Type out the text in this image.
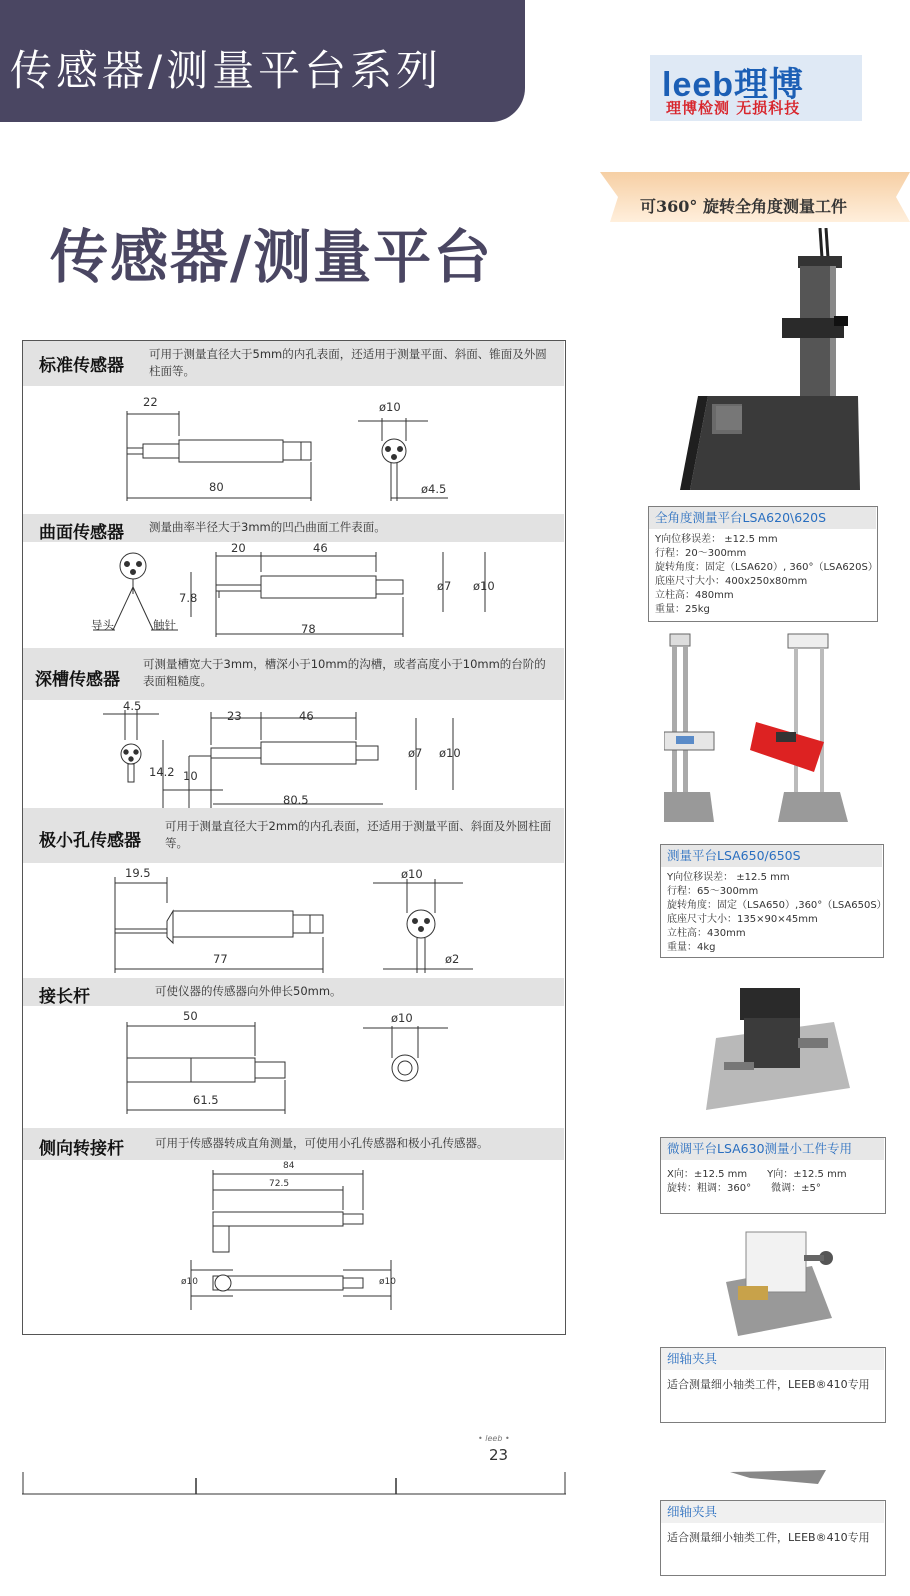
传感器/测量平台系列	leeb理博
理博检测 无损科技
传感器/测量平台
标准传感器
可用于测量直径大于5mm的内孔表面，还适用于测量平面、斜面、锥面及外圆柱面等。
22
80
ø10
ø4.5
曲面传感器 测量曲率半径大于3mm的凹凸曲面工件表面。
20	46
7.8
78
ø7 ø10
导头	触针
深槽传感器
可测量槽宽大于3mm，槽深小于10mm的沟槽，或者高度小于10mm的台阶的表面粗糙度。
4.5
23	46
14.2 10
80.5
ø7 ø10
极小孔传感器
可用于测量直径大于2mm的内孔表面，还适用于测量平面、斜面及外圆柱面等。
19.5
77
ø10
ø2
接长杆	可使仪器的传感器向外伸长50mm。
50
61.5
ø10
侧向转接杆	可用于传感器转成直角测量，可使用小孔传感器和极小孔传感器。
84
72.5
ø10	ø10
• leeb •
23
可360° 旋转全角度测量工件
全角度测量平台LSA620\620S
Y向位移误差： ±12.5 mm
行程：20～300mm
旋转角度：固定（LSA620）, 360°（LSA620S）
底座尺寸大小：400x250x80mm
立柱高：480mm
重量：25kg
测量平台LSA650/650S
Y向位移误差： ±12.5 mm
行程：65～300mm
旋转角度：固定（LSA650）,360°（LSA650S）
底座尺寸大小：135×90×45mm
立柱高：430mm
重量：4kg
微调平台LSA630测量小工件专用
X向：±12.5 mm　　Y向：±12.5 mm
旋转：粗调：360°　　微调：±5°
细轴夹具
适合测量细小轴类工件，LEEB®410专用
细轴夹具
适合测量细小轴类工件，LEEB®410专用
